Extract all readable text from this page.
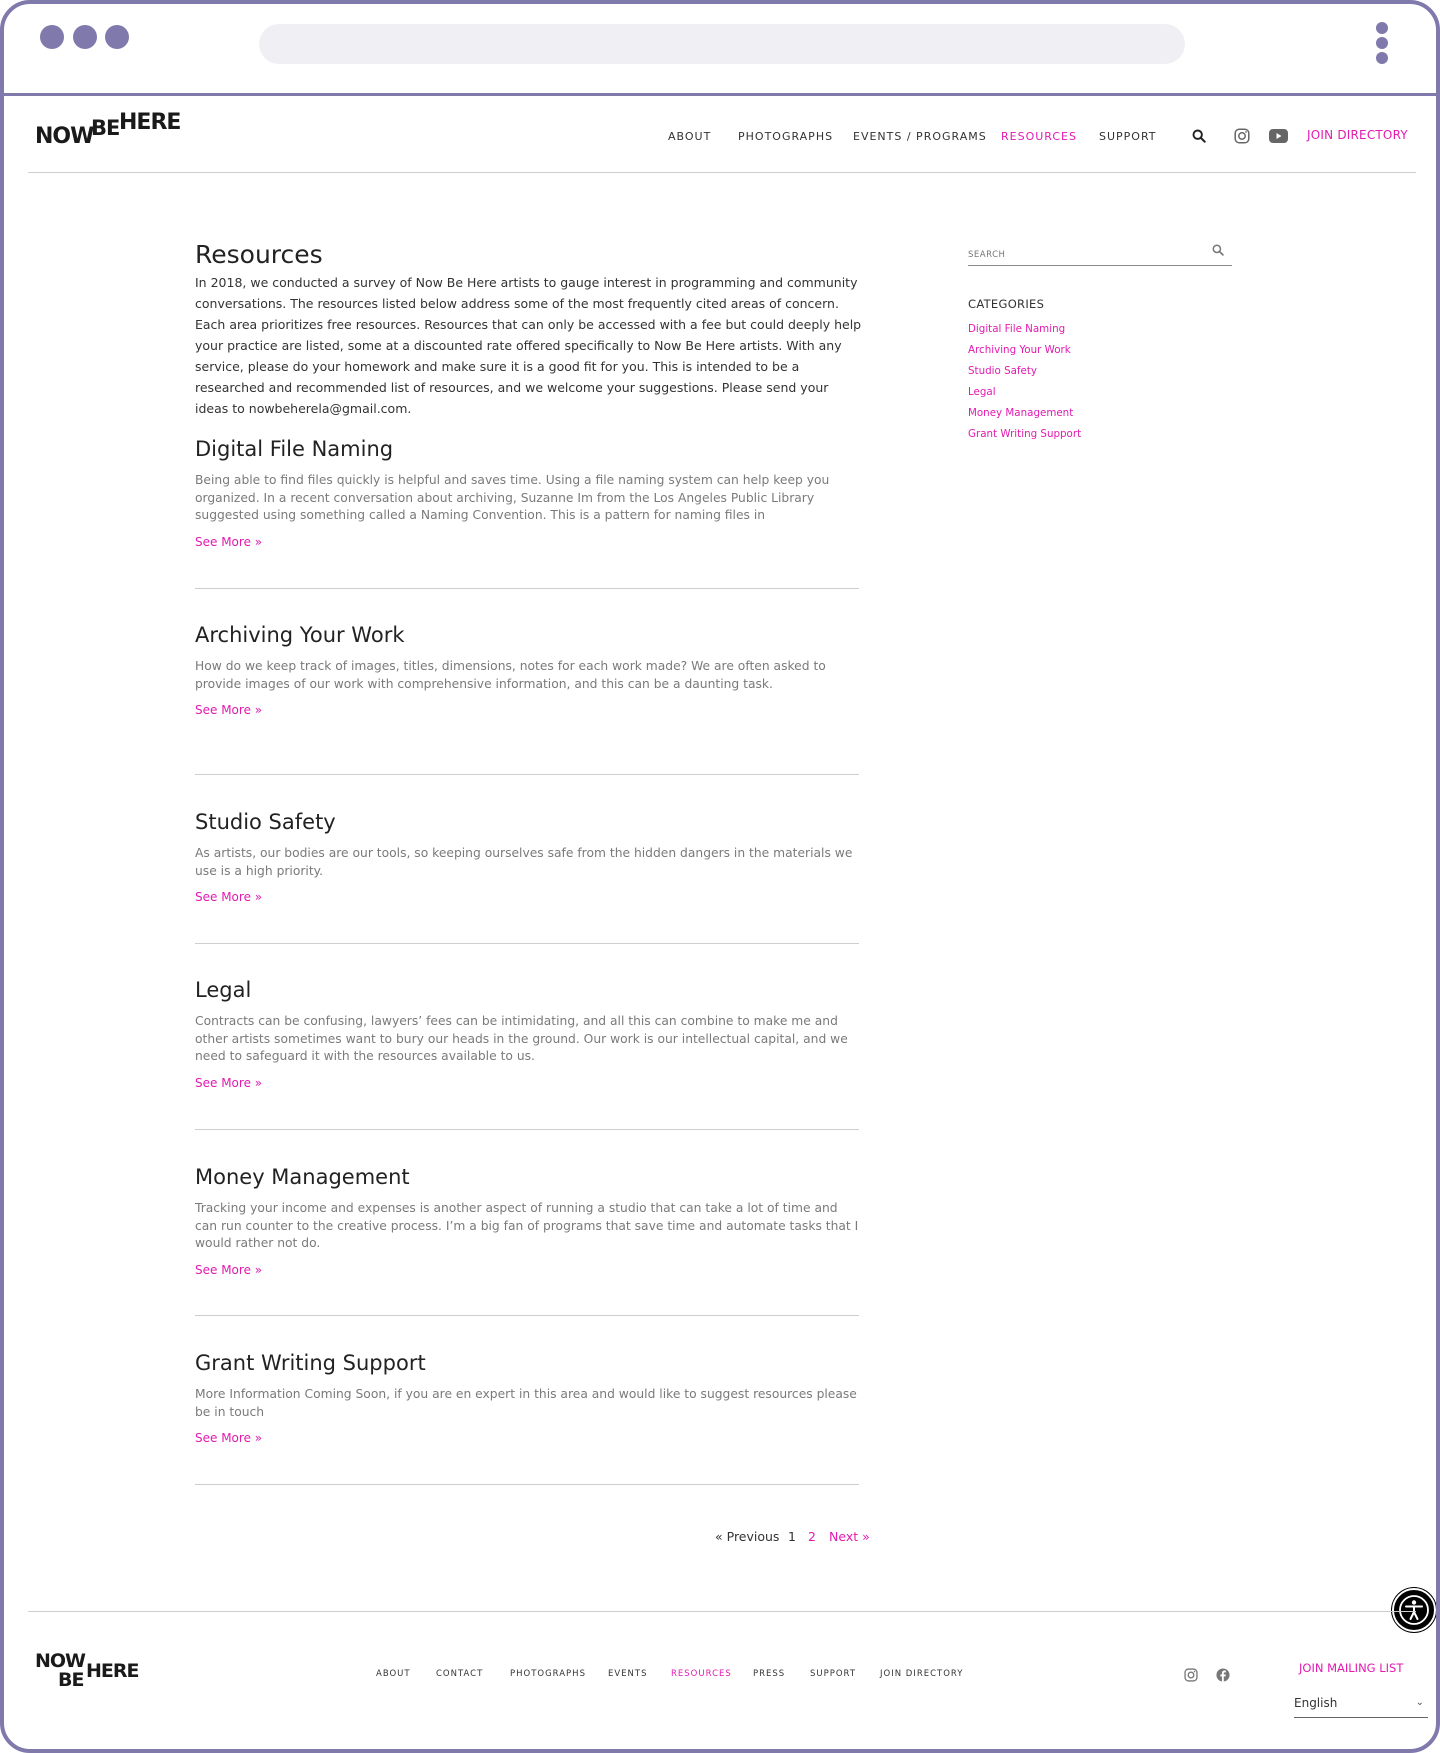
NOW
BE HERE
ABOUT PHOTOGRAPHS EVENTS / PROGRAMS RESOURCES SUPPORT	JOIN DIRECTORY
Resources

In 2018, we conducted a survey of Now Be Here artists to gauge interest in programming and community conversations. The resources listed below address some of the most frequently cited areas of concern. Each area prioritizes free resources. Resources that can only be accessed with a fee but could deeply help your practice are listed, some at a discounted rate offered specifically to Now Be Here artists. With any service, please do your homework and make sure it is a good fit for you. This is intended to be a researched and recommended list of resources, and we welcome your suggestions. Please send your ideas to nowbeherela@gmail.com.

Digital File Naming

Being able to find files quickly is helpful and saves time. Using a file naming system can help keep you organized. In a recent conversation about archiving, Suzanne Im from the Los Angeles Public Library suggested using something called a Naming Convention. This is a pattern for naming files in

See More »
Archiving Your Work

How do we keep track of images, titles, dimensions, notes for each work made? We are often asked to provide images of our work with comprehensive information, and this can be a daunting task.

See More »
Studio Safety

As artists, our bodies are our tools, so keeping ourselves safe from the hidden dangers in the materials we use is a high priority.

See More »
Legal

Contracts can be confusing, lawyers’ fees can be intimidating, and all this can combine to make me and other artists sometimes want to bury our heads in the ground. Our work is our intellectual capital, and we need to safeguard it with the resources available to us.

See More »
Money Management

Tracking your income and expenses is another aspect of running a studio that can take a lot of time and can run counter to the creative process. I’m a big fan of programs that save time and automate tasks that I would rather not do.

See More »
Grant Writing Support

More Information Coming Soon, if you are en expert in this area and would like to suggest resources please be in touch

See More »
« Previous 1 2 Next »
SEARCH
CATEGORIES
Digital File Naming
Archiving Your Work
Studio Safety
Legal
Money Management
Grant Writing Support
NOW
BE HERE	ABOUT	CONTACT	PHOTOGRAPHS	EVENTS	RESOURCES PRESS	SUPPORT	JOIN DIRECTORY	JOIN MAILING LIST
English	⌄
